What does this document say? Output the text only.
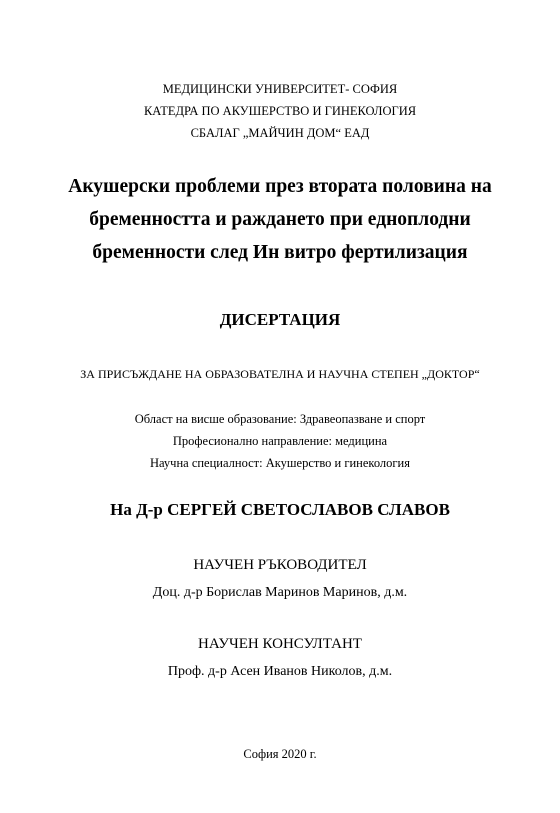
МЕДИЦИНСКИ УНИВЕРСИТЕТ- СОФИЯ
КАТЕДРА ПО АКУШЕРСТВО И ГИНЕКОЛОГИЯ
СБАЛАГ „МАЙЧИН ДОМ“ ЕАД
Акушерски проблеми през втората половина на
бременността и раждането при едноплодни
бременности след Ин витро фертилизация
ДИСЕРТАЦИЯ
ЗА ПРИСЪЖДАНЕ НА ОБРАЗОВАТЕЛНА И НАУЧНА СТЕПЕН „ДОКТОР“
Област на висше образование: Здравеопазване и спорт
Професионално направление: медицина
Научна специалност: Акушерство и гинекология
На Д-р СЕРГЕЙ СВЕТОСЛАВОВ СЛАВОВ
НАУЧЕН РЪКОВОДИТЕЛ
Доц. д-р Борислав Маринов Маринов, д.м.
НАУЧЕН КОНСУЛТАНТ
Проф. д-р Асен Иванов Николов, д.м.
София 2020 г.
